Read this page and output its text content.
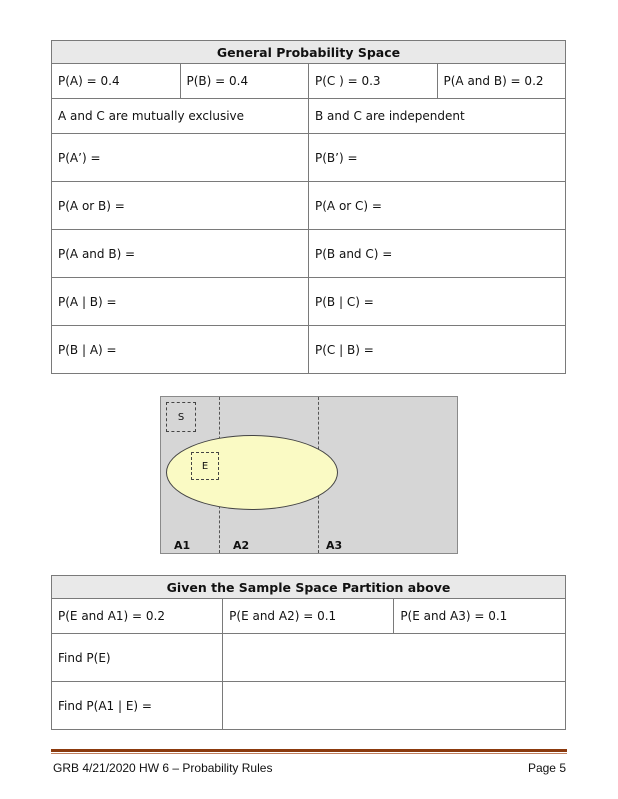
General Probability Space			
P(A) = 0.4	P(B) = 0.4	P(C ) = 0.3	P(A and B) = 0.2
A and C are mutually exclusive		B and C are independent	
P(A’) =		P(B’) =	
P(A or B) =		P(A or C) =	
P(A and B) =		P(B and C) =	
P(A | B) =		P(B | C) =	
P(B | A) =		P(C | B) =	
S
E
A1	A2	A3
Given the Sample Space Partition above		
P(E and A1) = 0.2	P(E and A2) = 0.1	P(E and A3) = 0.1
Find P(E)		
Find P(A1 | E) =		
GRB 4/21/2020 HW 6 – Probability Rules	Page 5
